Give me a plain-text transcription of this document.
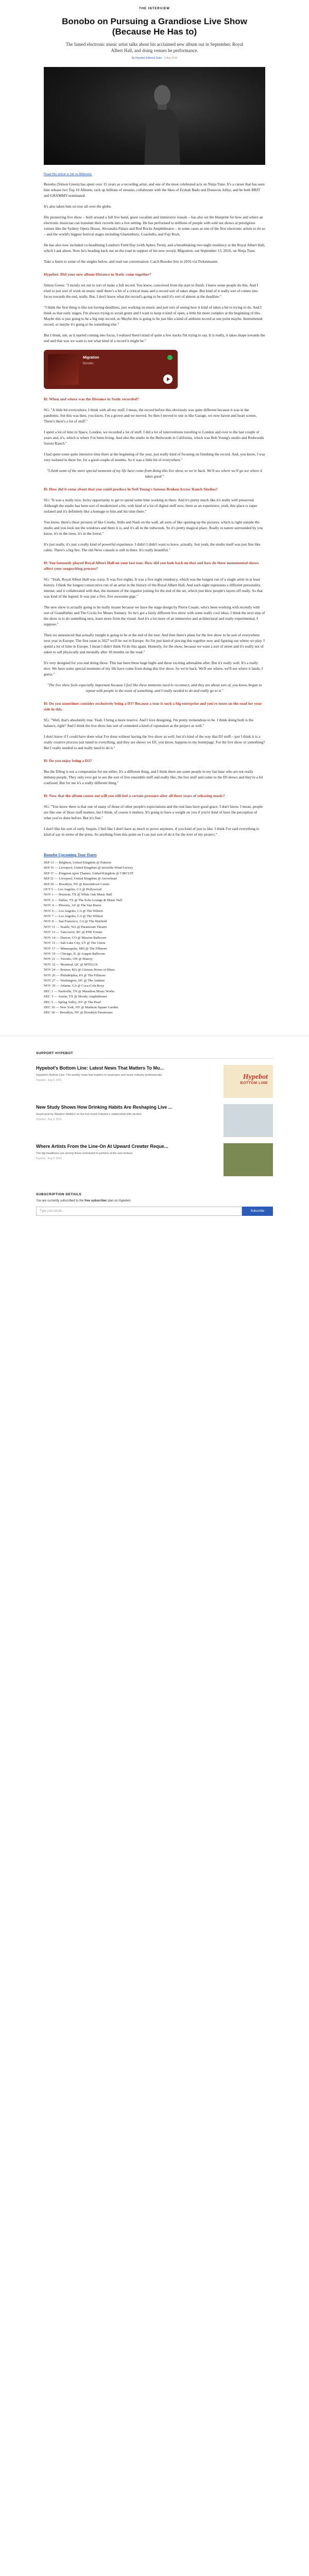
THE INTERVIEW
Bonobo on Pursuing a Grandiose Live Show (Because He Has to)
The famed electronic music artist talks about his acclaimed new album out in September, Royal Albert Hall, and doing venues he performance.
By Hypebot Editorial Team · 9 Aug 2016
Read this article in full on Billboard.

Bonobo (Simon Green) has spent over 15 years as a recording artist, and one of the most celebrated acts on Ninja Tune. It's a career that has seen him release two Top 10 Albums, rack up billions of streams, collaborate with the likes of Erykah Badu and Donavon Jolley, and be both BRIT and GRAMMY-nominated.

It's also taken him on tour all over the globe.

His pioneering live show – built around a full live band, guest vocalists and immersive visuals – has also set the blueprint for how and where an electronic musician can translate their records into a live setting. He has performed to millions of people with sold out shows at prestigious venues like the Sydney Opera House, Alexandra Palace and Red Rocks Amphitheatre – in some cases as one of the first electronic artists to do so – and the world's biggest festival stages including Glastonbury, Coachella, and Fuji Rock.

He has also now included co-headlining London's Field Day (with Aphex Twin), and a breathtaking two-night residency at the Royal Albert Hall, which I ask about. Now he's heading back out on the road in support of his new record, Migration, out September 13, 2016, on Ninja Tune.

Take a listen to some of the singles below, and read our conversation. Catch Bonobo live in 2016 via Ticketmaster.

Hypebot: Did your new album Distance to Static come together?

Simon Green: "I mostly set out to sort of make a full record. You know, conceived from the start to finish. I knew some people do this. And I tried to just sort of work on music until there's a bit of a critical mass and a record sort of takes shape. But kind of it really sort of comes into focus towards the end, really. But, I don't know what the record's going to be until it's sort of almost at the deadline."

"I think the first thing is like not having deadlines, just working on music and just sort of seeing how it kind of takes a bit to trying to do. And I think as that early stages, I'm always trying to avoid genre and I want to keep it kind of open, a little bit more complex at the beginning of this. Maybe this is just going to be a big step record, so Maybe this is going to be just like a kind of ambient record at one point maybe. Instrumental record, or maybe it's going to be something else."

But I think, um, as it started coming into focus, I realized there's kind of quite a few tracks I'm trying to say. It is really, it takes shape towards the end and that was we want to see what kind of a record it might be."

Migration
Bonobo

H: When and where was the Distance in Static recorded?

SG: "A little bit everywhere, I think with all my stuff. I mean, the record before this obviously was quite different because it was in the pandemic, but this was then, you know, I'm a grown and we moved. So then I moved to one in like Garage, we now haven and heart scenes. There's there's a lot of stuff."

I spent a lot of time in Space, London, we recorded a lot of stuff. I did a lot of interventions traveling to London and over to the last couple of years and, it's, which is where I've been living. And also the studio in the Redwoods in California, which was Bob Young's studio and Redwoods Soreni Ranch."

I had spent some quite intensive time there at the beginning of the year, just really kind of focusing on finishing the record. And, you know, I was very isolated in there for, for a good couple of months. So it was a little bit of everywhere."

"I think some of the more special moments of my life have come from doing this live show, so we're back. We'll see where we'll go see where it takes good."

H: How did it come about that you could produce in Neil Young's famous Broken Arrow Ranch Studios?

SG: "It was a really nice, lucky opportunity to get to spend some time working in there. And it's pretty much like it's really well preserved. Although the studio has been sort of modernized a bit, with kind of a lot of digital stuff now, there as an experience, yeah, this place is super isolated and it's definitely like a homage to him and his time there."

You know, there's these pictures of like Crosby, Stills and Nash on the wall, all sorts of like opening up the pictures, which is right outside the studio and you look out the windows and there it is, and it's all in the redwoods. So it's pretty magical place. Really in nature surrounded by you know, it's in the trees, it's in the forest."

It's just really, it's just a really kind of powerful experience. I didn't I didn't want to leave, actually. Just yeah, the studio itself was just fine like cabin. There's a big fire. The old Neve console is still in there. It's really beautiful."

H: You famously played Royal Albert Hall on your last tour. How did you look back on that and how do these monumental shows affect your songwriting process?

SG: "Yeah, Royal Albert Hall was crazy. It was five nights. It was a five night residency, which was the longest run of a single artist in at least history. I think the longest consecutive run of an artist in the history of the Royal Albert Hall. And each night represents a different personality, intense, and it collaborated with that, the moment of the organist joining for the end of the set, which just blew people's layers off really. So that was kind of the legend. It was just a five, five awesome gigs."

The new show is actually going to be really insane because we have the stage design by Pierre Cosale, who's been working with recently with sort of Grandfather and The Cocks for Moses Sumney. So he's got a fairly different live show with some really cool ideas. I think the next step of the show is to do something new, learn more from the visual. And it's a lot more of an immersive and architectural and really experimental, I suppose."

Then we announced that actually tonight is going to be at the end of the tour. And then there's plans for the live show to be sort of everywhere next year in Europe. The first issue is 2027 we'll be out in Europe. So I'm just kind of piecing this together now and figuring out where we play. I spend a lot of time in Europe. I mean I didn't think I'd do this again. Honestly, for the show, because we want a sort of street and it's really not of taken to sell physically and mentally after 18 months on the road."

It's very designed for you and doing those. This has been these huge highs and these exciting adrenaline after. But it's really well. It's a really nice. We have some special moments of my life have come from doing this live show. So we're back. We'll see where, we'll see where it lands, I guess."

"The live show feels especially important because I feel like these moments need to reconnect, and they are about sort of, you know, began to repeat with people in the room of something, and I really needed to do and really go to it."

H: Do you sometimes consider exclusively being a DJ? Because a tour is such a big enterprise and you're more on the road for your side in this.

SG: "Well, that's absolutely true. Yeah. I bring a more reserve. And I love designing. I'm pretty tremendous to be. I think doing both is the balance, right? And I think the live show has sort of cemented a kind of reputation as the project as well."

I don't know if I could have done what I've done without having the live show as well, but it's kind of the way that DJ stuff—just I think it is a really creative process just tuned to everything, and they are shows we DJ, you know, happens to my homepage. For the live show or something? But I really needed to and really need to do it."

H: Do you enjoy being a DJ?

But the DJing is not a compromise for me either. It's a different thing, and I think there are some people in my fan base who are not really dubstep people. They only ever get to see the sort of live ensemble stuff and really like, the live stuff and come to the DJ shows and they're a bit confused. But for me it's a really different thing."

H: Now that the album comes out will you still feel a certain pressure after all these years of releasing music?

SG: "You know there is that one of many of those of other people's expectations and the real fans have good grace. I don't know. I mean, people are like one of those staff matters, but I think, of course it matters. It's going to have a weight on you if you're kind of have the perception of what you've done before. But it's fine."

I don't like his sort of early Sequin, I feel like I don't have as much to prove anymore, if you kind of just to like. I think I've said everything to kind of say in terms of the press. So anything from this point on I can just sort of do it for the love of my project."

Bonobo Upcoming Tour Dates
SEP 13 — Brighton, United Kingdom @ Patterns
SEP 15 — Liverpool, United Kingdom @ Invisible Wind Factory
SEP 17 — Kingston upon Thames, United Kingdom @ CIRCUIT
SEP 21 — Liverpool, United Kingdom @ Arrowhead
SEP 29 — Brooklyn, NY @ Knockdown Center
OCT 5 — Los Angeles, CA @ Hollywood
NOV 1 — Houston, TX @ White Oak Music Hall
NOV 2 — Dallas, TX @ The Echo Lounge & Music Hall
NOV 4 — Phoenix, AZ @ The Van Buren
NOV 6 — Los Angeles, CA @ The Wiltern
NOV 7 — Los Angeles, CA @ The Wiltern
NOV 8 — San Francisco, CA @ The Warfield
NOV 11 — Seattle, WA @ Paramount Theatre
NOV 12 — Vancouver, BC @ PNE Forum
NOV 14 — Denver, CO @ Mission Ballroom
NOV 15 — Salt Lake City, UT @ The Union
NOV 17 — Minneapolis, MN @ The Fillmore
NOV 19 — Chicago, IL @ Aragon Ballroom
NOV 21 — Toronto, ON @ History
NOV 22 — Montreal, QC @ MTELUS
NOV 24 — Boston, MA @ Citizens House of Blues
NOV 26 — Philadelphia, PA @ The Fillmore
NOV 27 — Washington, DC @ The Anthem
NOV 29 — Atlanta, GA @ Coca-Cola Roxy
DEC 1 — Nashville, TN @ Marathon Music Works
DEC 3 — Austin, TX @ Moody Amphitheater
DEC 5 — Spring Valley, NV @ The Pearl
DEC 10 — New York, NY @ Madison Square Garden
DEC 30 — Brooklyn, NY @ Brooklyn Paramount
SUPPORT HYPEBOT
Hypebot's Bottom Line: Latest News That Matters To Mu...
Hypebot's Bottom Line: The weekly news that matters to musicians and music industry professionals.
Hypebot · Aug 9, 2016	Hypebot
BOTTOM LINE
New Study Shows How Drinking Habits Are Reshaping Live ...
Guest post by Stephen Wallace on the live-music industry's relationship with alcohol.
Hypebot · Aug 9, 2016
Where Artists From the Line-On At Upward Crewter Reque...
The big headliners are among those scheduled to perform at the new festival.
Hypebot · Aug 9, 2016
SUBSCRIPTION DETAILS
You are currently subscribed to the free subscriber plan on Hypebot.
Type your email...	Subscribe
